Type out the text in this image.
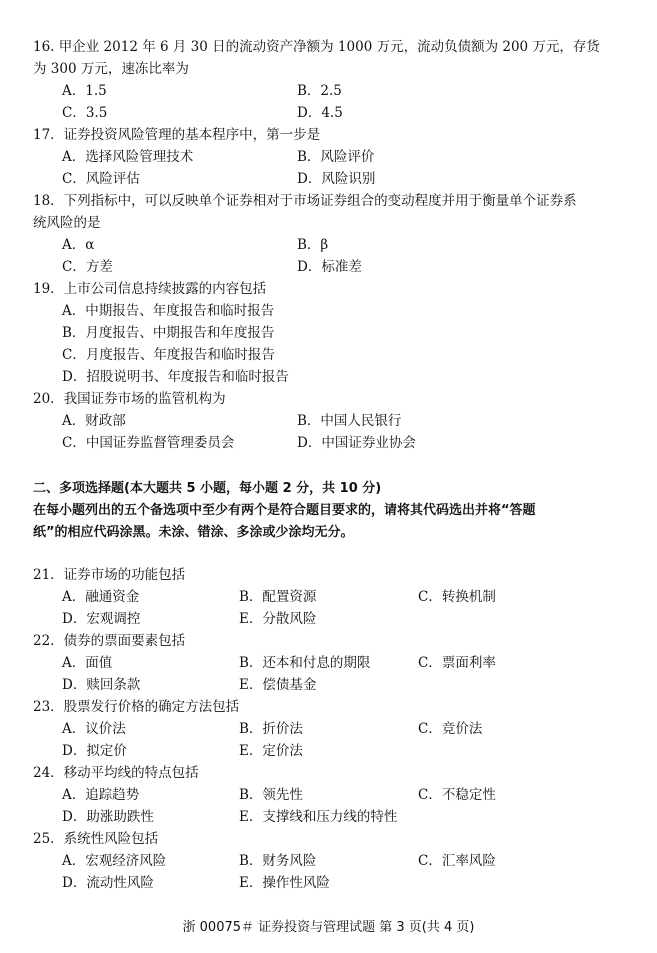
16. 甲企业 2012 年 6 月 30 日的流动资产净额为 1000 万元，流动负债额为 200 万元，存货
为 300 万元，速冻比率为
A．1.5	B．2.5
C．3.5	D．4.5
17．证券投资风险管理的基本程序中，第一步是
A．选择风险管理技术	B．风险评价
C．风险评估	D．风险识别
18．下列指标中，可以反映单个证券相对于市场证券组合的变动程度并用于衡量单个证券系
统风险的是
A．α	B．β
C．方差	D．标准差
19．上市公司信息持续披露的内容包括
A．中期报告、年度报告和临时报告
B．月度报告、中期报告和年度报告
C．月度报告、年度报告和临时报告
D．招股说明书、年度报告和临时报告
20．我国证券市场的监管机构为
A．财政部	B．中国人民银行
C．中国证券监督管理委员会	D．中国证券业协会
二、多项选择题(本大题共 5 小题，每小题 2 分，共 10 分)
在每小题列出的五个备选项中至少有两个是符合题目要求的，请将其代码选出并将“答题
纸”的相应代码涂黑。未涂、错涂、多涂或少涂均无分。
21．证券市场的功能包括
A．融通资金	B．配置资源	C．转换机制
D．宏观调控	E．分散风险
22．债券的票面要素包括
A．面值	B．还本和付息的期限	C．票面利率
D．赎回条款	E．偿债基金
23．股票发行价格的确定方法包括
A．议价法	B．折价法	C．竞价法
D．拟定价	E．定价法
24．移动平均线的特点包括
A．追踪趋势	B．领先性	C．不稳定性
D．助涨助跌性	E．支撑线和压力线的特性
25．系统性风险包括
A．宏观经济风险	B．财务风险	C．汇率风险
D．流动性风险	E．操作性风险
浙 00075＃ 证券投资与管理试题 第 3 页(共 4 页)
